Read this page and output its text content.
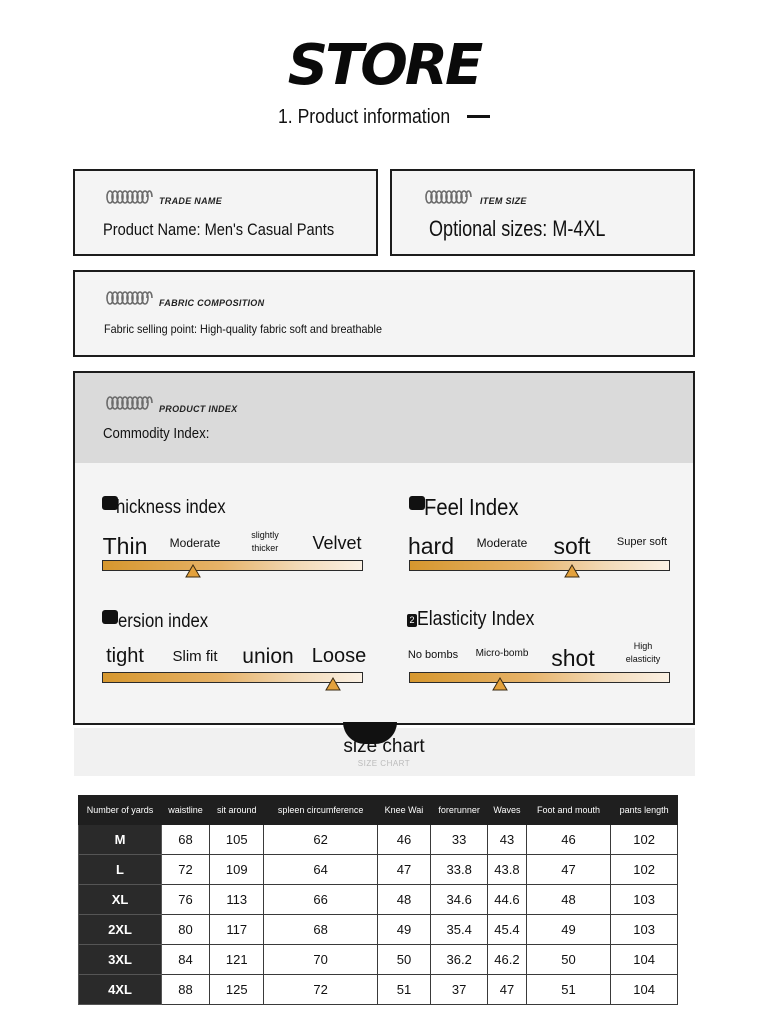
STORE
1. Product information
TRADE NAME
Product Name: Men's Casual Pants
ITEM SIZE
Optional sizes: M-4XL
FABRIC COMPOSITION
Fabric selling point: High-quality fabric soft and breathable
PRODUCT INDEX
Commodity Index:
hickness index
Thin Moderate
slightly
thicker Velvet
Feel Index
hard Moderate soft Super soft
ersion index
tight Slim fit union Loose
2 Elasticity Index
No bombs Micro-bomb shot	High
elasticity
size chart
SIZE CHART
Number of yards	waistline	sit around	spleen circumference	Knee Wai	forerunner	Waves	Foot and mouth	pants length
M	68	105	62	46	33	43	46	102
L	72	109	64	47	33.8	43.8	47	102
XL	76	113	66	48	34.6	44.6	48	103
2XL	80	117	68	49	35.4	45.4	49	103
3XL	84	121	70	50	36.2	46.2	50	104
4XL	88	125	72	51	37	47	51	104
